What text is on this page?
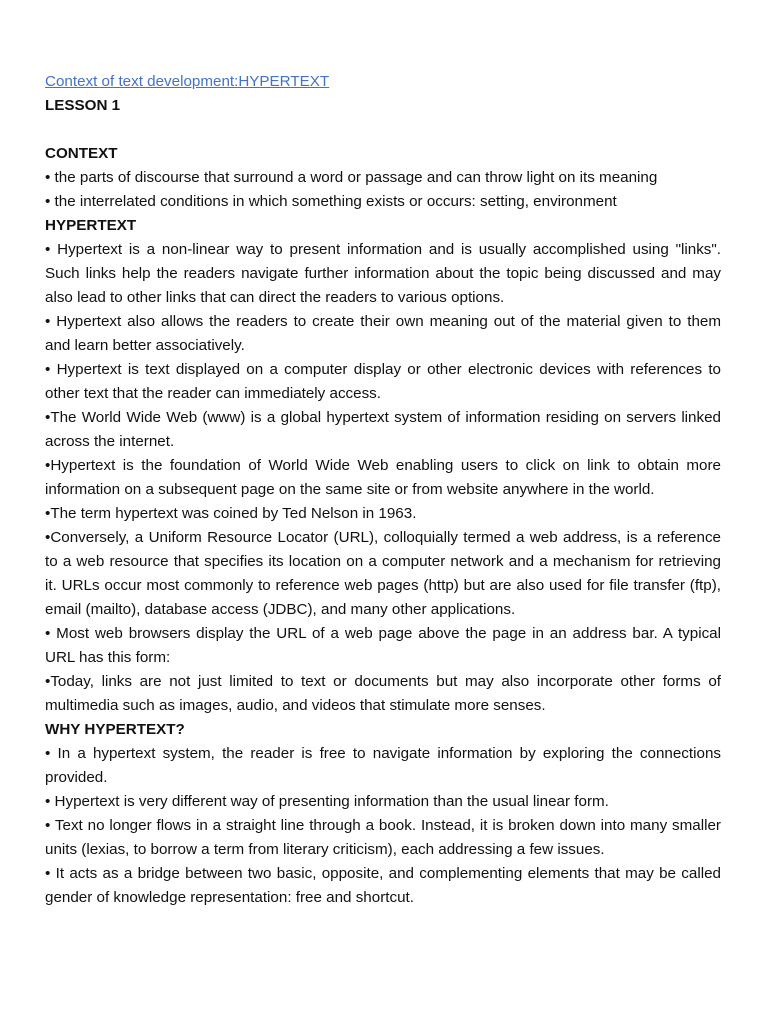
Context of text development:HYPERTEXT
LESSON 1
CONTEXT
• the parts of discourse that surround a word or passage and can throw light on its meaning
• the interrelated conditions in which something exists or occurs: setting, environment
HYPERTEXT
• Hypertext is a non-linear way to present information and is usually accomplished using "links". Such links help the readers navigate further information about the topic being discussed and may also lead to other links that can direct the readers to various options.
• Hypertext also allows the readers to create their own meaning out of the material given to them and learn better associatively.
• Hypertext is text displayed on a computer display or other electronic devices with references to other text that the reader can immediately access.
•The World Wide Web (www) is a global hypertext system of information residing on servers linked across the internet.
•Hypertext is the foundation of World Wide Web enabling users to click on link to obtain more information on a subsequent page on the same site or from website anywhere in the world.
•The term hypertext was coined by Ted Nelson in 1963.
•Conversely, a Uniform Resource Locator (URL), colloquially termed a web address, is a reference to a web resource that specifies its location on a computer network and a mechanism for retrieving it. URLs occur most commonly to reference web pages (http) but are also used for file transfer (ftp), email (mailto), database access (JDBC), and many other applications.
• Most web browsers display the URL of a web page above the page in an address bar. A typical URL has this form:
•Today, links are not just limited to text or documents but may also incorporate other forms of multimedia such as images, audio, and videos that stimulate more senses.
WHY HYPERTEXT?
• In a hypertext system, the reader is free to navigate information by exploring the connections provided.
• Hypertext is very different way of presenting information than the usual linear form.
• Text no longer flows in a straight line through a book. Instead, it is broken down into many smaller units (lexias, to borrow a term from literary criticism), each addressing a few issues.
• It acts as a bridge between two basic, opposite, and complementing elements that may be called gender of knowledge representation: free and shortcut.
